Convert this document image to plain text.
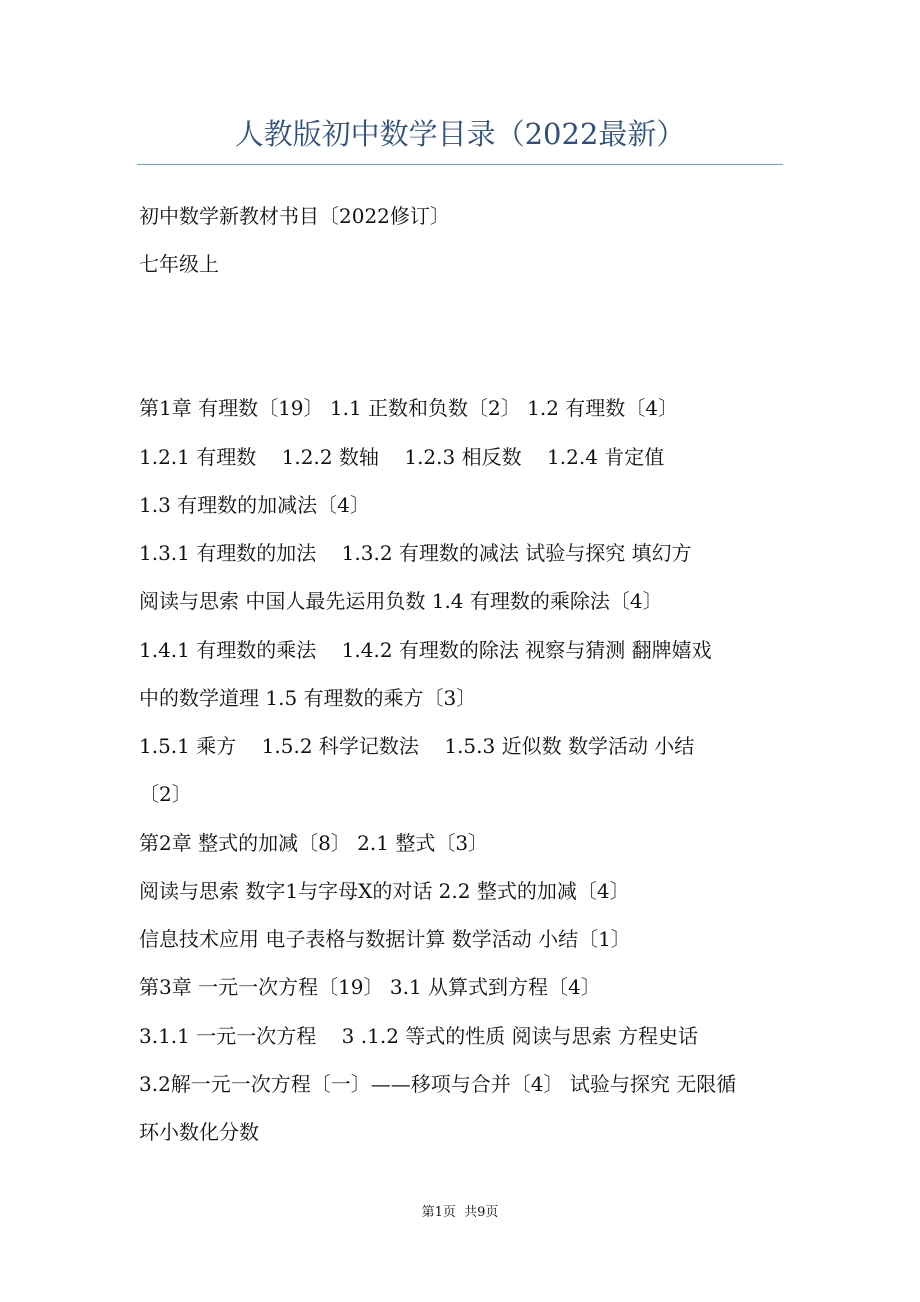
人教版初中数学目录（2022最新）
初中数学新教材书目〔2022修订〕
七年级上
第1章 有理数〔19〕 1.1 正数和负数〔2〕 1.2 有理数〔4〕
1.2.1 有理数    1.2.2 数轴    1.2.3 相反数    1.2.4 肯定值
1.3 有理数的加减法〔4〕
1.3.1 有理数的加法    1.3.2 有理数的减法 试验与探究 填幻方
阅读与思索 中国人最先运用负数 1.4 有理数的乘除法〔4〕
1.4.1 有理数的乘法    1.4.2 有理数的除法 视察与猜测 翻牌嬉戏
中的数学道理 1.5 有理数的乘方〔3〕
1.5.1 乘方    1.5.2 科学记数法    1.5.3 近似数 数学活动 小结
〔2〕
第2章 整式的加减〔8〕 2.1 整式〔3〕
阅读与思索 数字1与字母X的对话 2.2 整式的加减〔4〕
信息技术应用 电子表格与数据计算 数学活动 小结〔1〕
第3章 一元一次方程〔19〕 3.1 从算式到方程〔4〕
3.1.1 一元一次方程    3 .1.2 等式的性质 阅读与思索 方程史话
3.2解一元一次方程〔一〕——移项与合并〔4〕 试验与探究 无限循
环小数化分数
第1页  共9页
